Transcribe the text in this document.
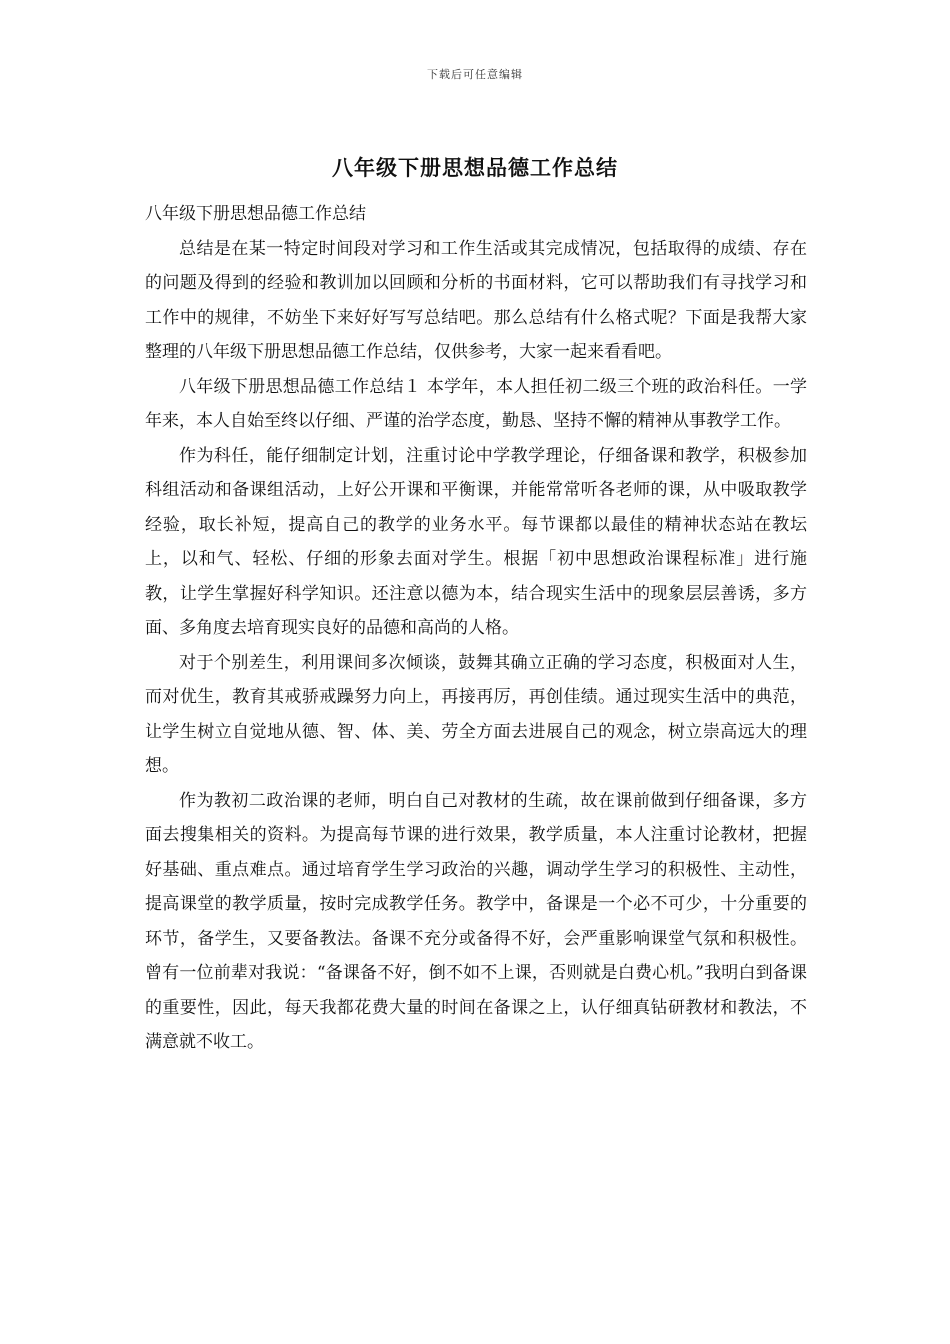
下载后可任意编辑
八年级下册思想品德工作总结

八年级下册思想品德工作总结

总结是在某一特定时间段对学习和工作生活或其完成情况，包括取得的成绩、存在的问题及得到的经验和教训加以回顾和分析的书面材料，它可以帮助我们有寻找学习和工作中的规律，不妨坐下来好好写写总结吧。那么总结有什么格式呢？下面是我帮大家整理的八年级下册思想品德工作总结，仅供参考，大家一起来看看吧。

八年级下册思想品德工作总结１ 本学年，本人担任初二级三个班的政治科任。一学年来，本人自始至终以仔细、严谨的治学态度，勤恳、坚持不懈的精神从事教学工作。

作为科任，能仔细制定计划，注重讨论中学教学理论，仔细备课和教学，积极参加科组活动和备课组活动，上好公开课和平衡课，并能常常听各老师的课，从中吸取教学经验，取长补短，提高自己的教学的业务水平。每节课都以最佳的精神状态站在教坛上，以和气、轻松、仔细的形象去面对学生。根据「初中思想政治课程标准」进行施教，让学生掌握好科学知识。还注意以德为本，结合现实生活中的现象层层善诱，多方面、多角度去培育现实良好的品德和高尚的人格。

对于个别差生，利用课间多次倾谈，鼓舞其确立正确的学习态度，积极面对人生，而对优生，教育其戒骄戒躁努力向上，再接再厉，再创佳绩。通过现实生活中的典范，让学生树立自觉地从德、智、体、美、劳全方面去进展自己的观念，树立崇高远大的理想。

作为教初二政治课的老师，明白自己对教材的生疏，故在课前做到仔细备课，多方面去搜集相关的资料。为提高每节课的进行效果，教学质量，本人注重讨论教材，把握好基础、重点难点。通过培育学生学习政治的兴趣，调动学生学习的积极性、主动性，提高课堂的教学质量，按时完成教学任务。教学中，备课是一个必不可少，十分重要的环节，备学生，又要备教法。备课不充分或备得不好，会严重影响课堂气氛和积极性。曾有一位前辈对我说：“备课备不好，倒不如不上课，否则就是白费心机。”我明白到备课的重要性，因此，每天我都花费大量的时间在备课之上，认仔细真钻研教材和教法，不满意就不收工。
